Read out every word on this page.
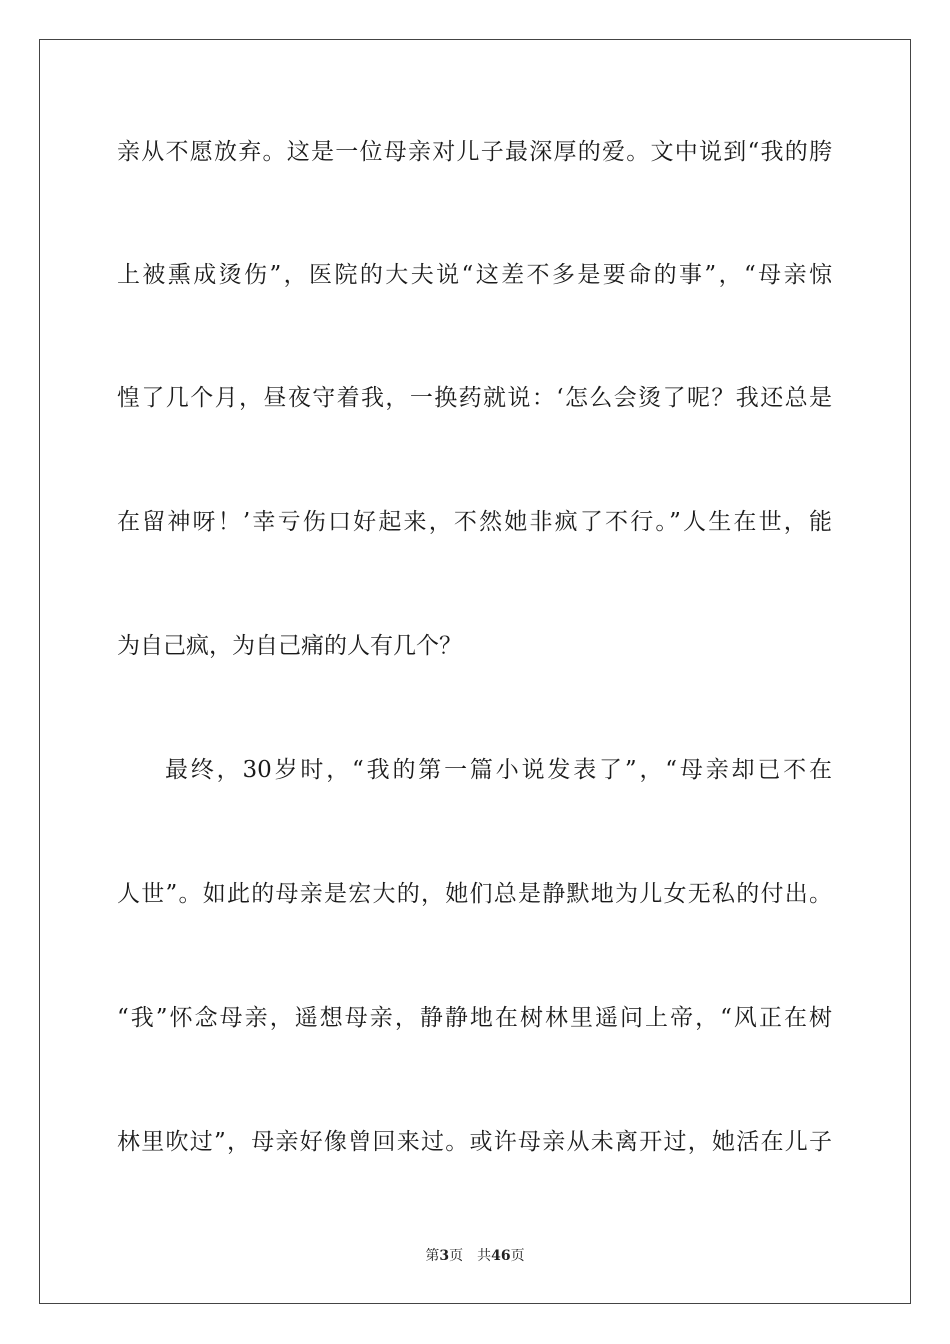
亲从不愿放弃。这是一位母亲对儿子最深厚的爱。文中说到“我的胯
上被熏成烫伤”，医院的大夫说“这差不多是要命的事”，“母亲惊
惶了几个月，昼夜守着我，一换药就说：‘怎么会烫了呢？我还总是
在留神呀！’幸亏伤口好起来，不然她非疯了不行。”人生在世，能
为自己疯，为自己痛的人有几个？
最终，30岁时，“我的第一篇小说发表了”，“母亲却已不在
人世”。如此的母亲是宏大的，她们总是静默地为儿女无私的付出。
“我”怀念母亲，遥想母亲，静静地在树林里遥问上帝，“风正在树
林里吹过”，母亲好像曾回来过。或许母亲从未离开过，她活在儿子
第3页 共46页
